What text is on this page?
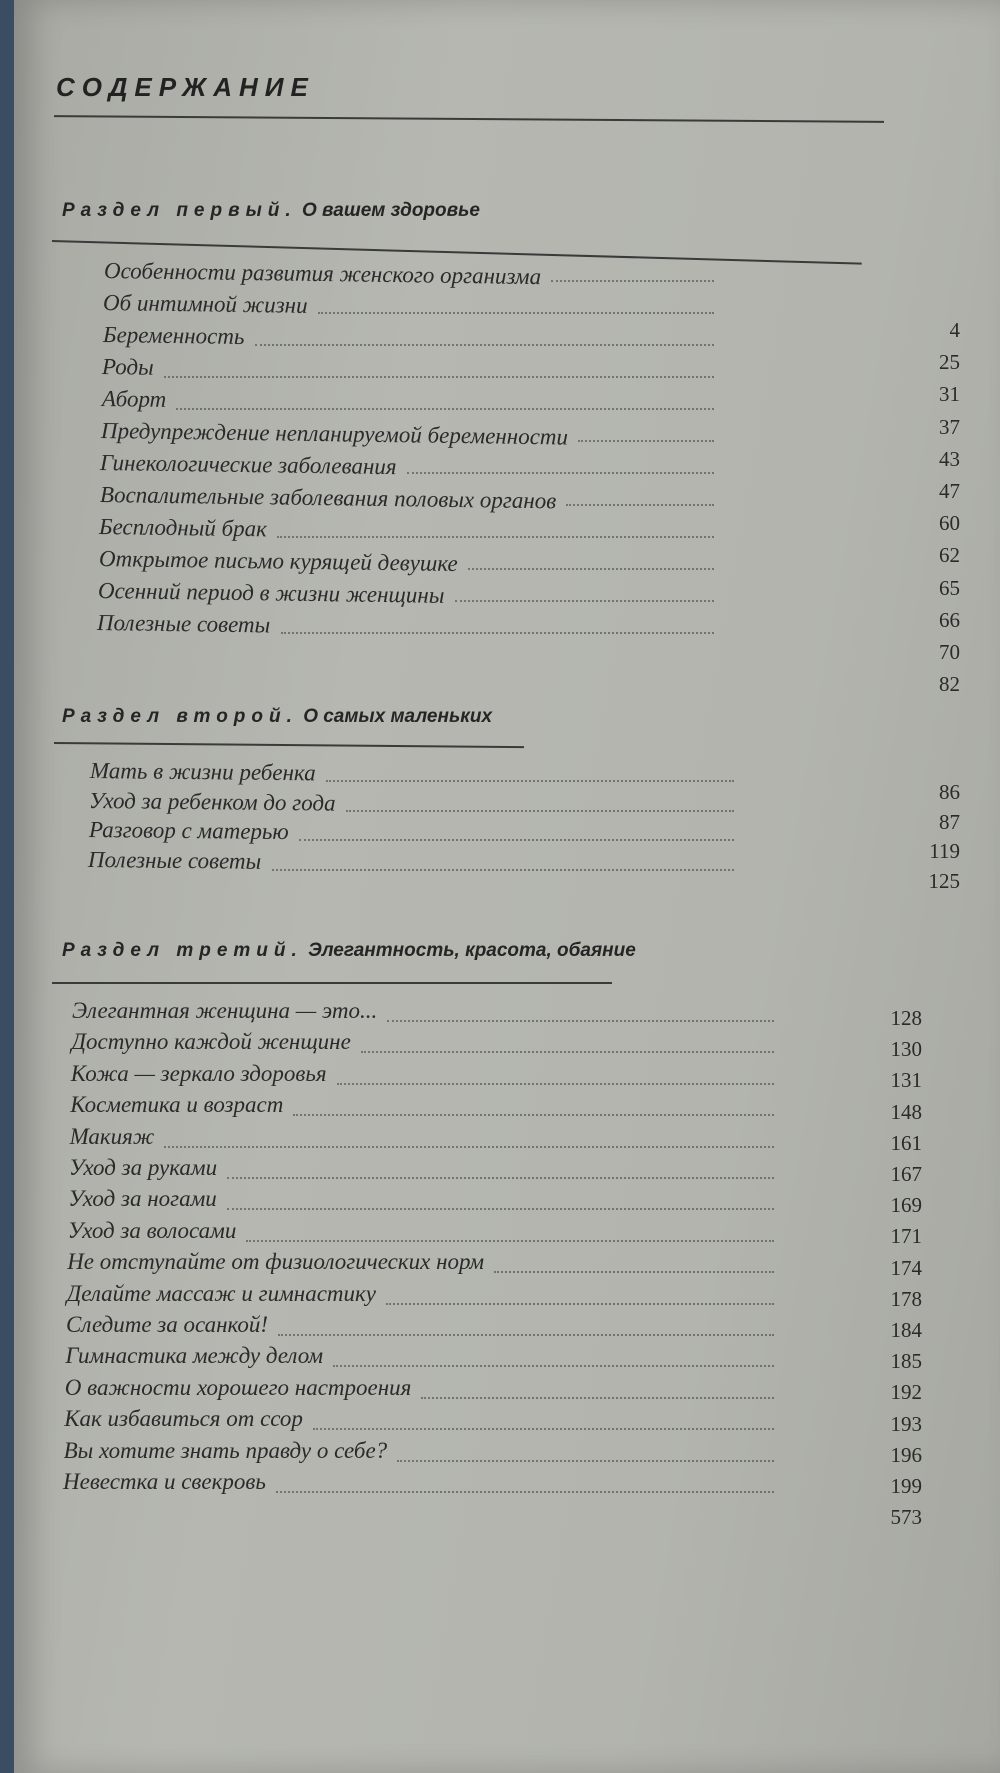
СОДЕРЖАНИЕ
Раздел первый. О вашем здоровье
Особенности развития женского организма
Об интимной жизни
Беременность
Роды
Аборт
Предупреждение непланируемой беременности
Гинекологические заболевания
Воспалительные заболевания половых органов
Бесплодный брак
Открытое письмо курящей девушке
Осенний период в жизни женщины
Полезные советы
4
25
31
37
43
47
60
62
65
66
70
82
Раздел второй. О самых маленьких
Мать в жизни ребенка
Уход за ребенком до года
Разговор с матерью
Полезные советы
86
87
119
125
Раздел третий. Элегантность, красота, обаяние
Элегантная женщина — это...
Доступно каждой женщине
Кожа — зеркало здоровья
Косметика и возраст
Макияж
Уход за руками
Уход за ногами
Уход за волосами
Не отступайте от физиологических норм
Делайте массаж и гимнастику
Следите за осанкой!
Гимнастика между делом
О важности хорошего настроения
Как избавиться от ссор
Вы хотите знать правду о себе?
Невестка и свекровь
128
130
131
148
161
167
169
171
174
178
184
185
192
193
196
199
573
